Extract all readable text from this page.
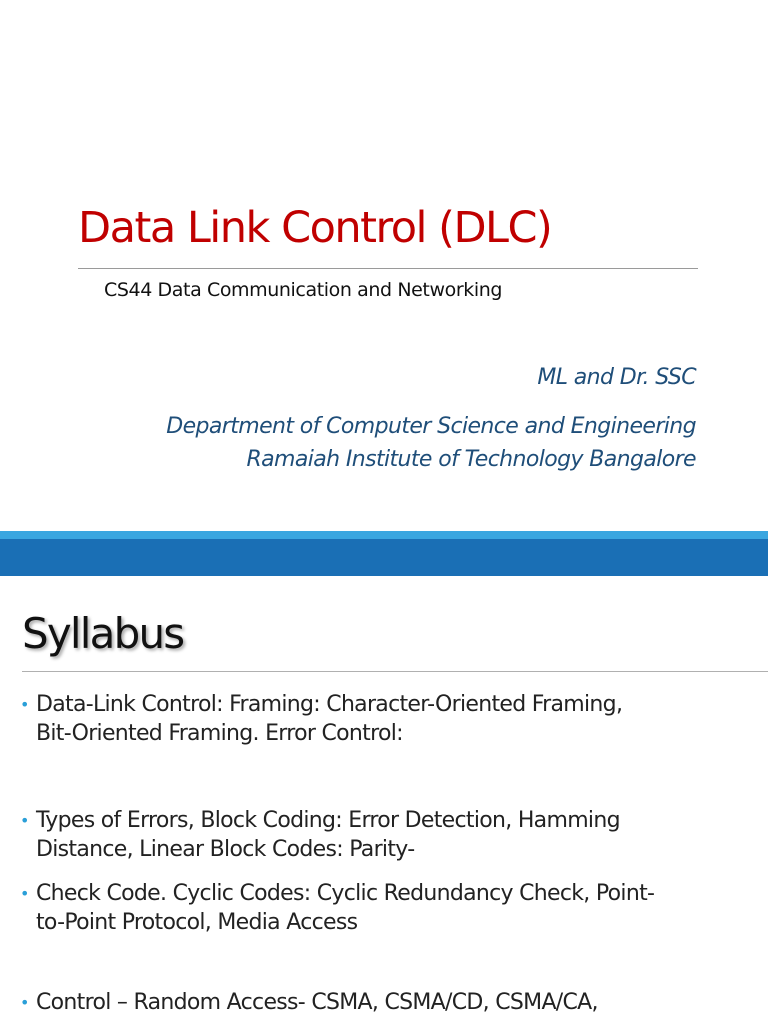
Data Link Control (DLC)
CS44 Data Communication and Networking
ML and Dr. SSC
Department of Computer Science and Engineering
Ramaiah Institute of Technology Bangalore
Syllabus
• Data-Link Control: Framing: Character-Oriented Framing,
Bit-Oriented Framing. Error Control:
• Types of Errors, Block Coding: Error Detection, Hamming
Distance, Linear Block Codes: Parity-
• Check Code. Cyclic Codes: Cyclic Redundancy Check, Point-
to-Point Protocol, Media Access
• Control – Random Access- CSMA, CSMA/CD, CSMA/CA,
